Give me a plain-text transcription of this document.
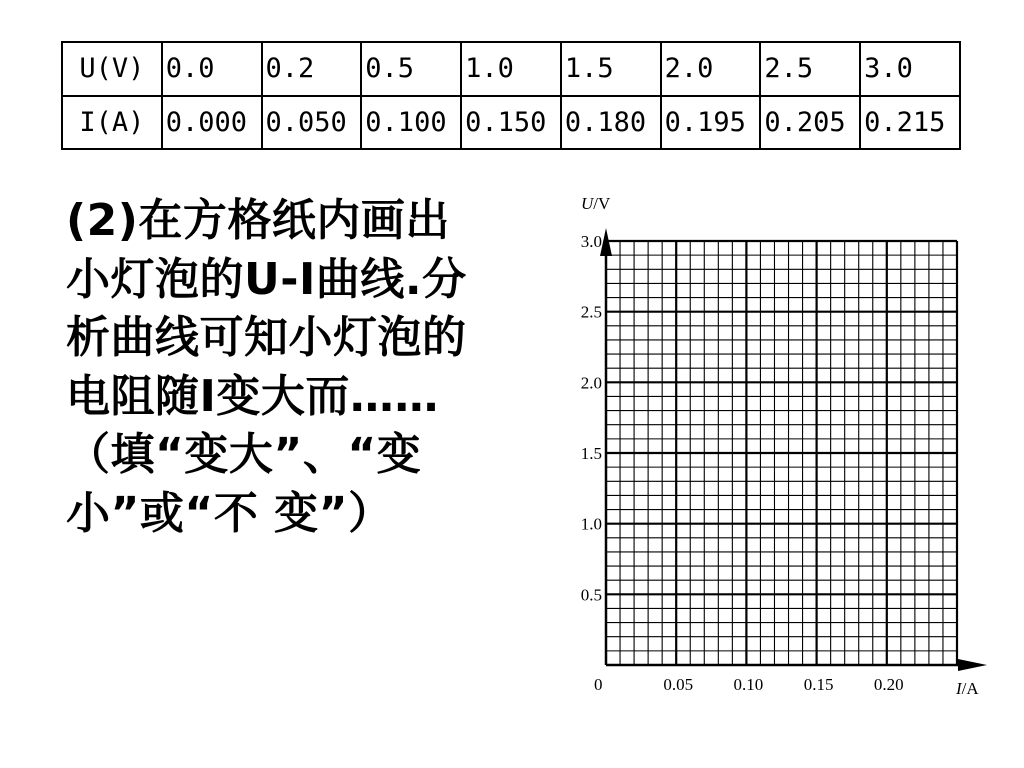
U(V)	0.0	0.2	0.5	1.0	1.5	2.0	2.5	3.0
I(A)	0.000	0.050	0.100	0.150	0.180	0.195	0.205	0.215
(2)在方格纸内画出
小灯泡的U-I曲线.分
析曲线可知小灯泡的
电阻随I变大而……
（填“变大”、“变
小”或“不 变”）
U/V
I/A
0
3.0
2.5
2.0
1.5
1.0
0.5
0.05 0.10 0.15 0.20
